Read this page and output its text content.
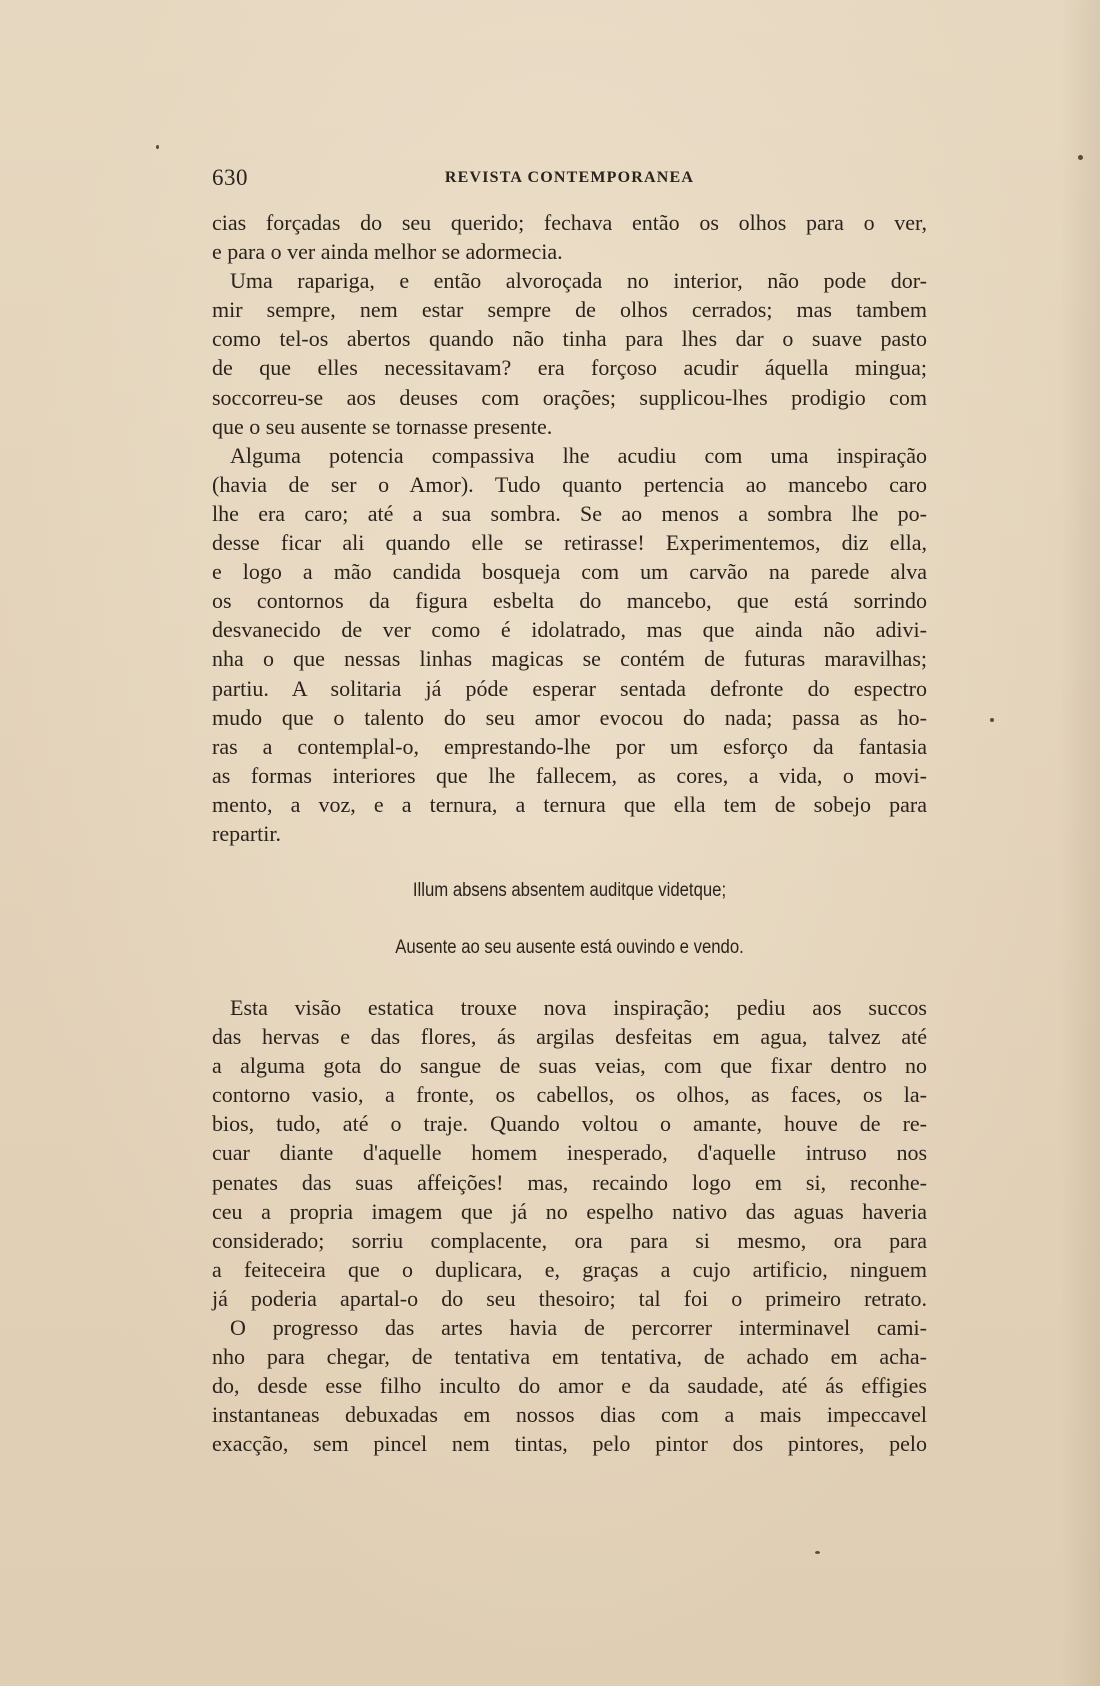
630	REVISTA CONTEMPORANEA
cias forçadas do seu querido; fechava então os olhos para o ver,
e para o ver ainda melhor se adormecia.
Uma rapariga, e então alvoroçada no interior, não pode dor-
mir sempre, nem estar sempre de olhos cerrados; mas tambem
como tel-os abertos quando não tinha para lhes dar o suave pasto
de que elles necessitavam? era forçoso acudir áquella mingua;
soccorreu-se aos deuses com orações; supplicou-lhes prodigio com
que o seu ausente se tornasse presente.
Alguma potencia compassiva lhe acudiu com uma inspiração
(havia de ser o Amor). Tudo quanto pertencia ao mancebo caro
lhe era caro; até a sua sombra. Se ao menos a sombra lhe po-
desse ficar ali quando elle se retirasse! Experimentemos, diz ella,
e logo a mão candida bosqueja com um carvão na parede alva
os contornos da figura esbelta do mancebo, que está sorrindo
desvanecido de ver como é idolatrado, mas que ainda não adivi-
nha o que nessas linhas magicas se contém de futuras maravilhas;
partiu. A solitaria já póde esperar sentada defronte do espectro
mudo que o talento do seu amor evocou do nada; passa as ho-
ras a contemplal-o, emprestando-lhe por um esforço da fantasia
as formas interiores que lhe fallecem, as cores, a vida, o movi-
mento, a voz, e a ternura, a ternura que ella tem de sobejo para
repartir.
Illum absens absentem auditque videtque;
Ausente ao seu ausente está ouvindo e vendo.
Esta visão estatica trouxe nova inspiração; pediu aos succos
das hervas e das flores, ás argilas desfeitas em agua, talvez até
a alguma gota do sangue de suas veias, com que fixar dentro no
contorno vasio, a fronte, os cabellos, os olhos, as faces, os la-
bios, tudo, até o traje. Quando voltou o amante, houve de re-
cuar diante d'aquelle homem inesperado, d'aquelle intruso nos
penates das suas affeições! mas, recaindo logo em si, reconhe-
ceu a propria imagem que já no espelho nativo das aguas haveria
considerado; sorriu complacente, ora para si mesmo, ora para
a feiteceira que o duplicara, e, graças a cujo artificio, ninguem
já poderia apartal-o do seu thesoiro; tal foi o primeiro retrato.
O progresso das artes havia de percorrer interminavel cami-
nho para chegar, de tentativa em tentativa, de achado em acha-
do, desde esse filho inculto do amor e da saudade, até ás effigies
instantaneas debuxadas em nossos dias com a mais impeccavel
exacção, sem pincel nem tintas, pelo pintor dos pintores, pelo
